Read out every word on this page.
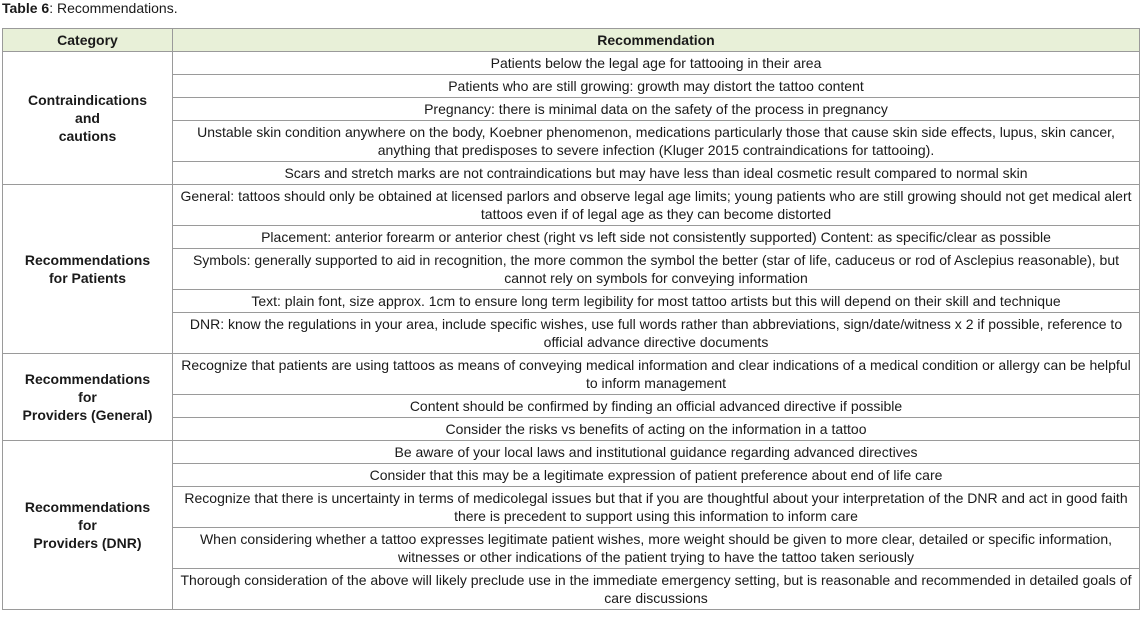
Table 6: Recommendations.
Category	Recommendation

Contraindications
and
cautions	Patients below the legal age for tattooing in their area
	Patients who are still growing: growth may distort the tattoo content
	Pregnancy: there is minimal data on the safety of the process in pregnancy
	Unstable skin condition anywhere on the body, Koebner phenomenon, medications particularly those that cause skin side effects, lupus, skin cancer, anything that predisposes to severe infection (Kluger 2015 contraindications for tattooing).
	Scars and stretch marks are not contraindications but may have less than ideal cosmetic result compared to normal skin

Recommendations
for Patients	General: tattoos should only be obtained at licensed parlors and observe legal age limits; young patients who are still growing should not get medical alert tattoos even if of legal age as they can become distorted
	Placement: anterior forearm or anterior chest (right vs left side not consistently supported) Content: as specific/clear as possible
	Symbols: generally supported to aid in recognition, the more common the symbol the better (star of life, caduceus or rod of Asclepius reasonable), but cannot rely on symbols for conveying information
	Text: plain font, size approx. 1cm to ensure long term legibility for most tattoo artists but this will depend on their skill and technique
	DNR: know the regulations in your area, include specific wishes, use full words rather than abbreviations, sign/date/witness x 2 if possible, reference to official advance directive documents

Recommendations
for
Providers (General)	Recognize that patients are using tattoos as means of conveying medical information and clear indications of a medical condition or allergy can be helpful to inform management
	Content should be confirmed by finding an official advanced directive if possible
	Consider the risks vs benefits of acting on the information in a tattoo

Recommendations
for
Providers (DNR)	Be aware of your local laws and institutional guidance regarding advanced directives
	Consider that this may be a legitimate expression of patient preference about end of life care
	Recognize that there is uncertainty in terms of medicolegal issues but that if you are thoughtful about your interpretation of the DNR and act in good faith there is precedent to support using this information to inform care
	When considering whether a tattoo expresses legitimate patient wishes, more weight should be given to more clear, detailed or specific information, witnesses or other indications of the patient trying to have the tattoo taken seriously
	Thorough consideration of the above will likely preclude use in the immediate emergency setting, but is reasonable and recommended in detailed goals of care discussions
